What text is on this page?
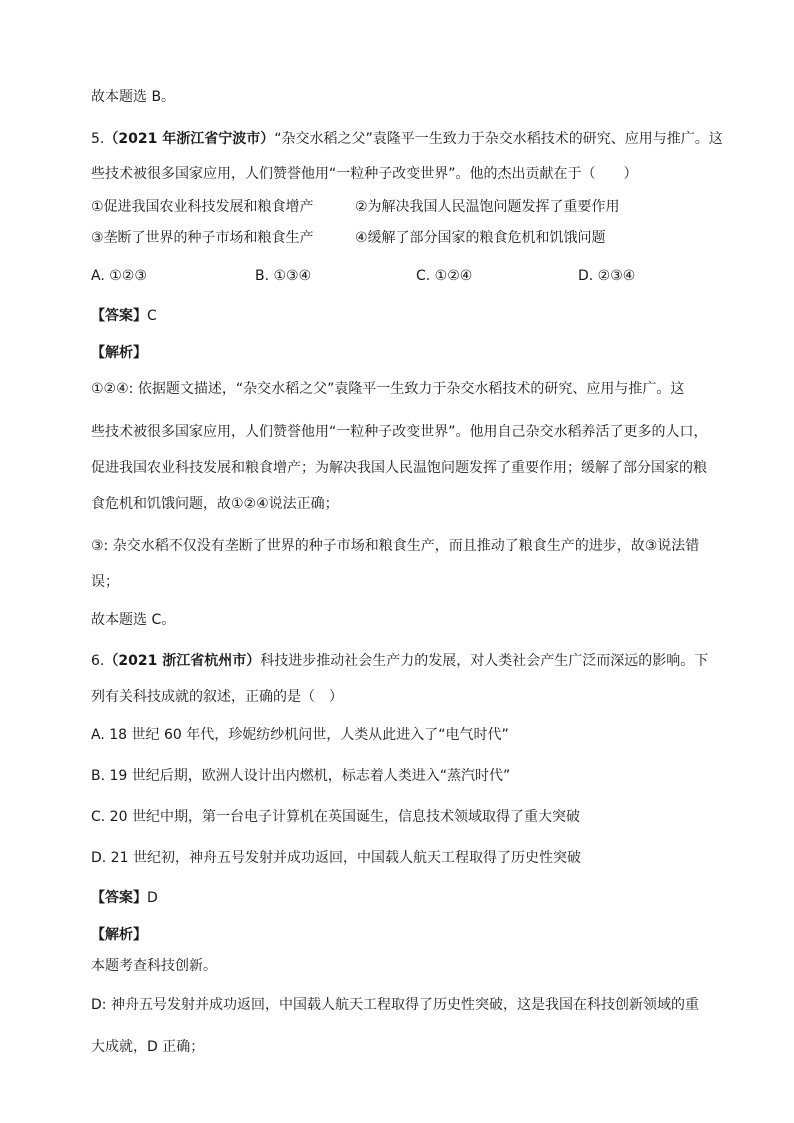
故本题选 B。
5.（2021 年浙江省宁波市）“杂交水稻之父”袁隆平一生致力于杂交水稻技术的研究、应用与推广。这
些技术被很多国家应用，人们赞誉他用“一粒种子改变世界”。他的杰出贡献在于（　　）
①促进我国农业科技发展和粮食增产	②为解决我国人民温饱问题发挥了重要作用
③垄断了世界的种子市场和粮食生产	④缓解了部分国家的粮食危机和饥饿问题
A. ①②③	B. ①③④	C. ①②④	D. ②③④
【答案】C
【解析】
①②④: 依据题文描述，“杂交水稻之父”袁隆平一生致力于杂交水稻技术的研究、应用与推广。这
些技术被很多国家应用，人们赞誉他用“一粒种子改变世界”。他用自己杂交水稻养活了更多的人口，
促进我国农业科技发展和粮食增产；为解决我国人民温饱问题发挥了重要作用；缓解了部分国家的粮
食危机和饥饿问题，故①②④说法正确；
③: 杂交水稻不仅没有垄断了世界的种子市场和粮食生产，而且推动了粮食生产的进步，故③说法错
误；
故本题选 C。
6.（2021 浙江省杭州市）科技进步推动社会生产力的发展，对人类社会产生广泛而深远的影响。下
列有关科技成就的叙述，正确的是（　）
A. 18 世纪 60 年代，珍妮纺纱机问世，人类从此进入了“电气时代”
B. 19 世纪后期，欧洲人设计出内燃机，标志着人类进入“蒸汽时代”
C. 20 世纪中期，第一台电子计算机在英国诞生，信息技术领域取得了重大突破
D. 21 世纪初，神舟五号发射并成功返回，中国载人航天工程取得了历史性突破
【答案】D
【解析】
本题考查科技创新。
D: 神舟五号发射并成功返回，中国载人航天工程取得了历史性突破，这是我国在科技创新领域的重
大成就，D 正确；
